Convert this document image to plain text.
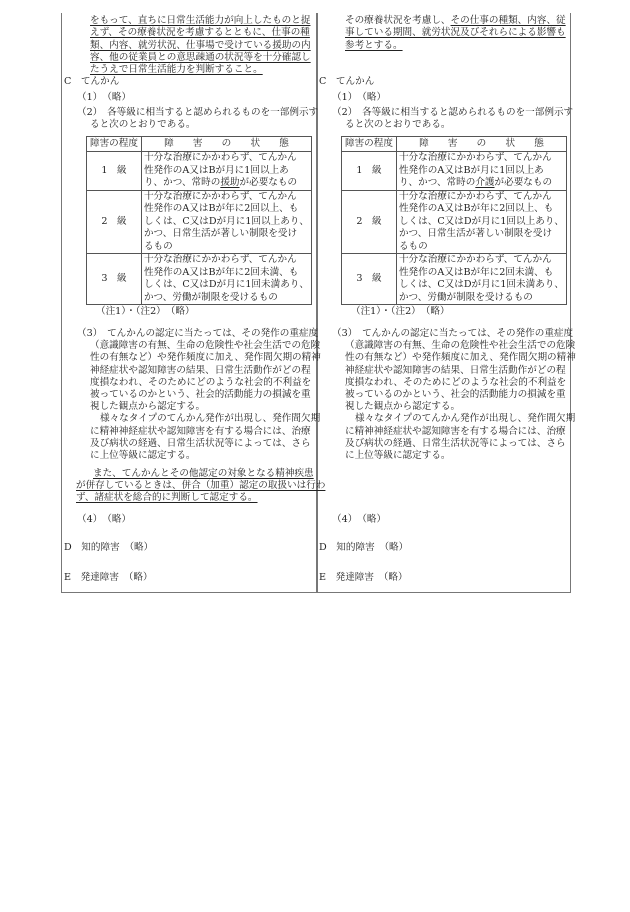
をもって、直ちに日常生活能力が向上したものと捉
えず、その療養状況を考慮するとともに、仕事の種
類、内容、就労状況、仕事場で受けている援助の内
容、他の従業員との意思疎通の状況等を十分確認し
たうえで日常生活能力を判断すること。
C　てんかん
（1）　（略）
（2）　各等級に相当すると認められるものを一部例示す
ると次のとおりである。
障害の程度	障　　害　　の　　状　　態
1　級	十分な治療にかかわらず、てんかん
性発作のA又はBが月に1回以上あ
り、かつ、常時の援助が必要なもの

2　級	十分な治療にかかわらず、てんかん
性発作のA又はBが年に2回以上、も
しくは、C又はDが月に1回以上あり、
かつ、日常生活が著しい制限を受け
るもの

3　級	十分な治療にかかわらず、てんかん
性発作のA又はBが年に2回未満、も
しくは、C又はDが月に1回未満あり、
かつ、労働が制限を受けるもの
（注1）・（注2）　（略）
（3）　てんかんの認定に当たっては、その発作の重症度
（意識障害の有無、生命の危険性や社会生活での危険
性の有無など）や発作頻度に加え、発作間欠期の精神
神経症状や認知障害の結果、日常生活動作がどの程
度損なわれ、そのためにどのような社会的不利益を
被っているのかという、社会的活動能力の損減を重
視した観点から認定する。
様々なタイプのてんかん発作が出現し、発作間欠期
に精神神経症状や認知障害を有する場合には、治療
及び病状の経過、日常生活状況等によっては、さら
に上位等級に認定する。
また、てんかんとその他認定の対象となる精神疾患
が併存しているときは、併合（加重）認定の取扱いは行わ
ず、諸症状を総合的に判断して認定する。
（4）　（略）
D　知的障害　（略）
E　発達障害　（略）
その療養状況を考慮し、その仕事の種類、内容、従
事している期間、就労状況及びそれらによる影響も
参考とする。
C　てんかん
（1）　（略）
（2）　各等級に相当すると認められるものを一部例示す
ると次のとおりである。
障害の程度	障　　害　　の　　状　　態
1　級	十分な治療にかかわらず、てんかん
性発作のA又はBが月に1回以上あ
り、かつ、常時の介護が必要なもの

2　級	十分な治療にかかわらず、てんかん
性発作のA又はBが年に2回以上、も
しくは、C又はDが月に1回以上あり、
かつ、日常生活が著しい制限を受け
るもの

3　級	十分な治療にかかわらず、てんかん
性発作のA又はBが年に2回未満、も
しくは、C又はDが月に1回未満あり、
かつ、労働が制限を受けるもの
（注1）・（注2）　（略）
（3）　てんかんの認定に当たっては、その発作の重症度
（意識障害の有無、生命の危険性や社会生活での危険
性の有無など）や発作頻度に加え、発作間欠期の精神
神経症状や認知障害の結果、日常生活動作がどの程
度損なわれ、そのためにどのような社会的不利益を
被っているのかという、社会的活動能力の損減を重
視した観点から認定する。
様々なタイプのてんかん発作が出現し、発作間欠期
に精神神経症状や認知障害を有する場合には、治療
及び病状の経過、日常生活状況等によっては、さら
に上位等級に認定する。
（4）　（略）
D　知的障害　（略）
E　発達障害　（略）
